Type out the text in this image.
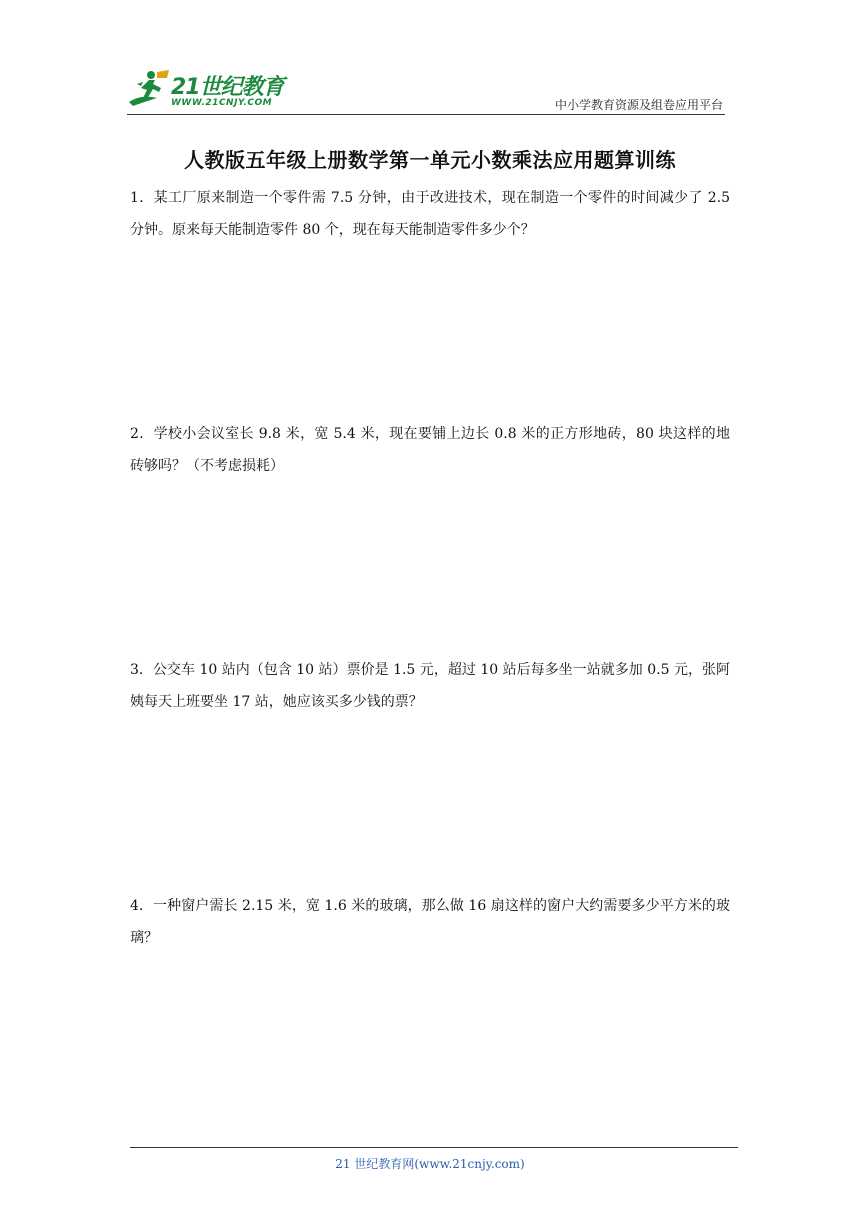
21世纪教育
WWW.21CNJY.COM	中小学教育资源及组卷应用平台
人教版五年级上册数学第一单元小数乘法应用题算训练
1．某工厂原来制造一个零件需 7.5 分钟，由于改进技术，现在制造一个零件的时间减少了 2.5 分钟。原来每天能制造零件 80 个，现在每天能制造零件多少个？
2．学校小会议室长 9.8 米，宽 5.4 米，现在要铺上边长 0.8 米的正方形地砖，80 块这样的地砖够吗？（不考虑损耗）
3．公交车 10 站内（包含 10 站）票价是 1.5 元，超过 10 站后每多坐一站就多加 0.5 元，张阿姨每天上班要坐 17 站，她应该买多少钱的票？
4．一种窗户需长 2.15 米，宽 1.6 米的玻璃，那么做 16 扇这样的窗户大约需要多少平方米的玻璃？
21 世纪教育网(www.21cnjy.com)
